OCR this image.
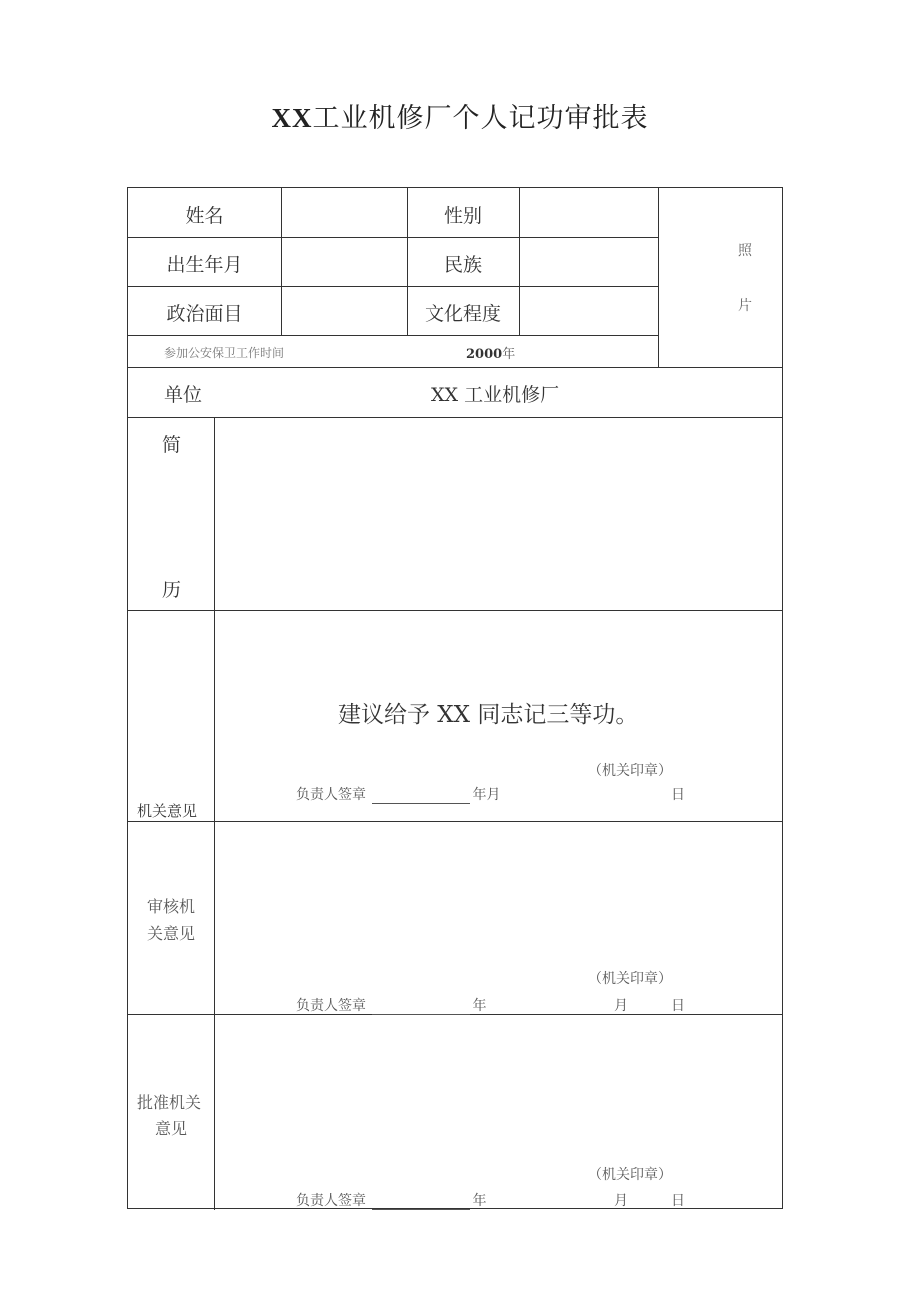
XX工业机修厂个人记功审批表
姓名	性别
出生年月	民族
政治面目	文化程度
照
片
参加公安保卫工作时间	2000年
单位	XX 工业机修厂
简
历
机关意见
建议给予 XX 同志记三等功。
（机关印章）
负责人签章	年月	日
审核机
关意见
（机关印章）
负责人签章	年	月	日
批准机关
意见
（机关印章）
负责人签章	年	月	日
